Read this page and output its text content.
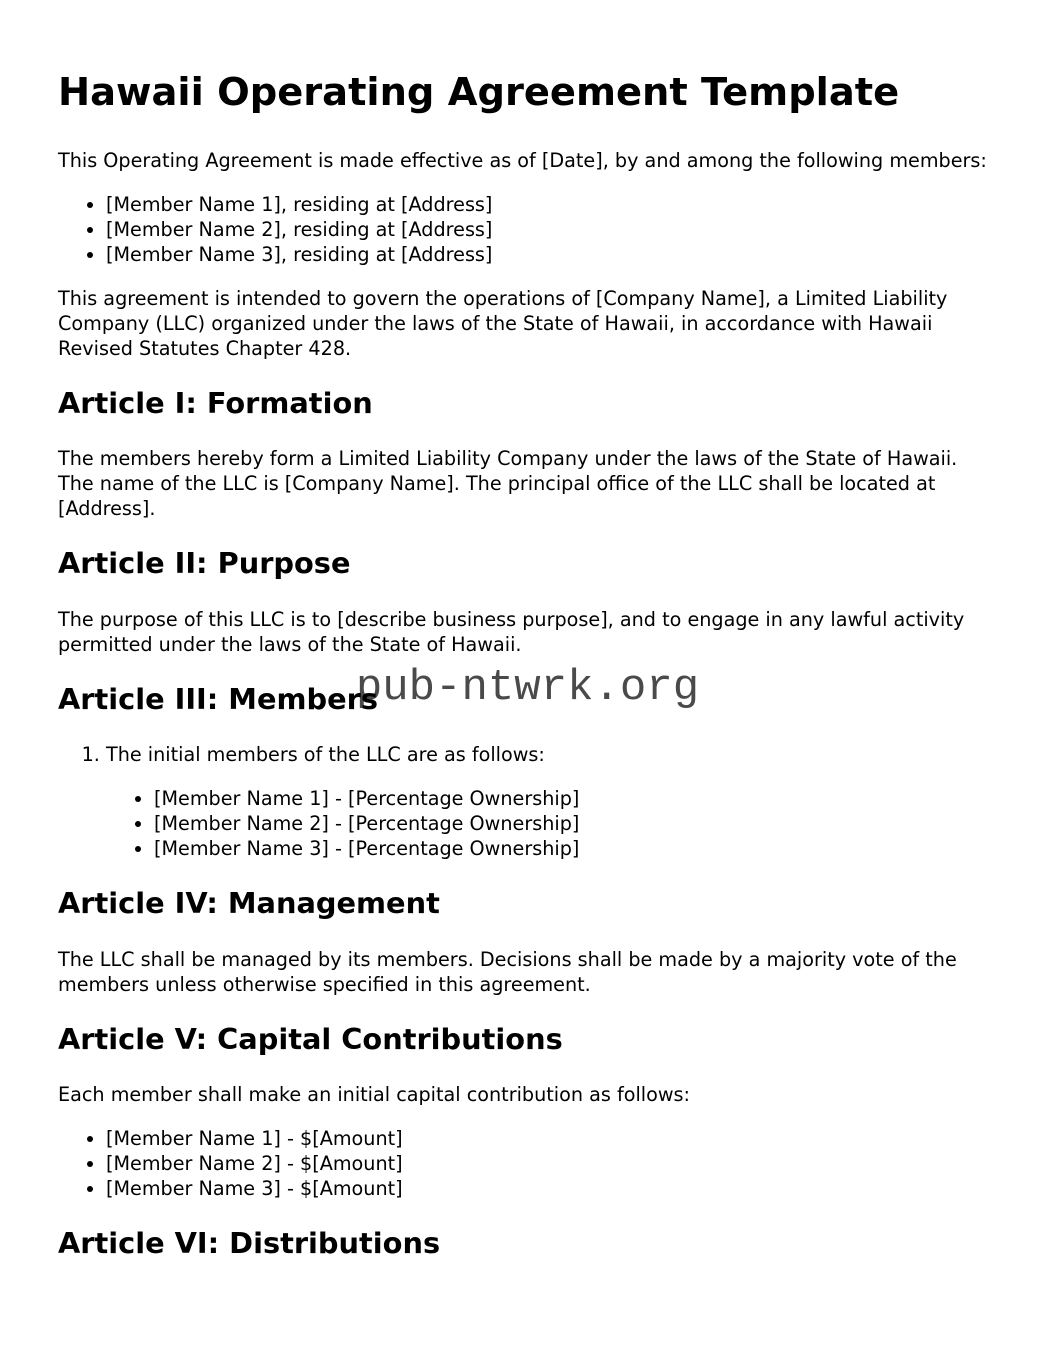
pub-ntwrk.org
Hawaii Operating Agreement Template

This Operating Agreement is made effective as of [Date], by and among the following members:

• [Member Name 1], residing at [Address]
• [Member Name 2], residing at [Address]
• [Member Name 3], residing at [Address]

This agreement is intended to govern the operations of [Company Name], a Limited Liability Company (LLC) organized under the laws of the State of Hawaii, in accordance with Hawaii Revised Statutes Chapter 428.

Article I: Formation

The members hereby form a Limited Liability Company under the laws of the State of Hawaii. The name of the LLC is [Company Name]. The principal office of the LLC shall be located at [Address].

Article II: Purpose

The purpose of this LLC is to [describe business purpose], and to engage in any lawful activity permitted under the laws of the State of Hawaii.

Article III: Members
1. The initial members of the LLC are as follows:
• [Member Name 1] - [Percentage Ownership]
• [Member Name 2] - [Percentage Ownership]
• [Member Name 3] - [Percentage Ownership]
Article IV: Management

The LLC shall be managed by its members. Decisions shall be made by a majority vote of the members unless otherwise specified in this agreement.

Article V: Capital Contributions

Each member shall make an initial capital contribution as follows:

• [Member Name 1] - $[Amount]
• [Member Name 2] - $[Amount]
• [Member Name 3] - $[Amount]
Article VI: Distributions
